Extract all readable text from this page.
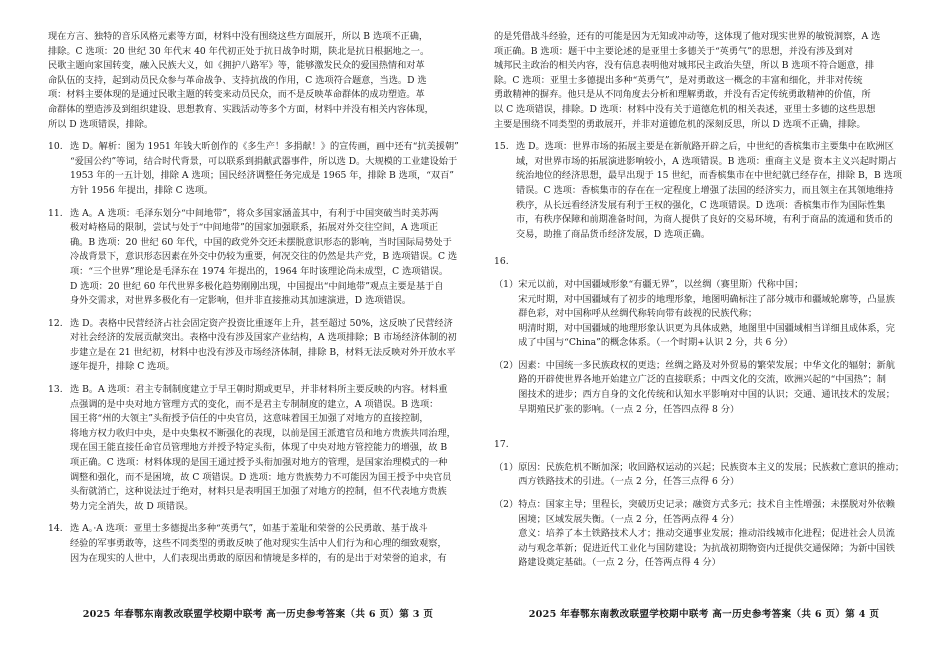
现在方言、独特的音乐风格元素等方面，材料中没有围绕这些方面展开，所以 B 选项不正确，

排除。C 选项：20 世纪 30 年代末 40 年代初正处于抗日战争时期，陕北是抗日根据地之一。

民歌主题向家国转变，融入民族大义，如《拥护八路军》等，能够激发民众的爱国热情和对革

命队伍的支持，起到动员民众参与革命战争、支持抗战的作用，C 选项符合题意，当选。D 选

项：材料主要体现的是通过民歌主题的转变来动员民众，而不是反映革命群体的成功塑造。革

命群体的塑造涉及到组织建设、思想教育、实践活动等多个方面，材料中并没有相关内容体现，

所以 D 选项错误，排除。

10. 选 D。解析：图为 1951 年钱大昕创作的《多生产！多捐献！》的宣传画，画中还有“抗美援朝”

“爱国公约”等词，结合时代背景，可以联系到捐献武器事件，所以选 D。大规模的工业建设始于

1953 年的一五计划，排除 A 选项；国民经济调整任务完成是 1965 年，排除 B 选项，“双百”

方针 1956 年提出，排除 C 选项。

11. 选 A。A 选项：毛泽东划分“中间地带”，将众多国家涵盖其中，有利于中国突破当时美苏两

极对峙格局的限制，尝试与处于“中间地带”的国家加强联系，拓展对外交往空间，A 选项正

确。B 选项：20 世纪 60 年代，中国的政党外交还未摆脱意识形态的影响，当时国际局势处于

冷战背景下，意识形态因素在外交中仍较为重要，何况交往的仍然是共产党，B 选项错误。C 选

项：“三个世界”理论是毛泽东在 1974 年提出的，1964 年时该理论尚未成型，C 选项错误。

D 选项：20 世纪 60 年代世界多极化趋势刚刚出现，中国提出“中间地带”观点主要是基于自

身外交需求，对世界多极化有一定影响，但并非直接推动其加速演进，D 选项错误。

12. 选 D。表格中民营经济占社会固定资产投资比重逐年上升，甚至超过 50%，这反映了民营经济

对社会经济的发展贡献突出。表格中没有涉及国家产业结构，A 选项排除；B 市场经济体制的初

步建立是在 21 世纪初，材料中也没有涉及市场经济体制，排除 B，材料无法反映对外开放水平

逐年提升，排除 C 选项。

13. 选 B。A 选项：君主专制制度建立于早王朝时期或更早，并非材料所主要反映的内容。材料重

点强调的是中央对地方管理方式的变化，而不是君主专制制度的建立，A 项错误。B 选项：

国王将“州的大领主”头衔授予信任的中央官员，这意味着国王加强了对地方的直接控制，

将地方权力收归中央，是中央集权不断强化的表现，以前是国王派遣官员和地方贵族共同治理，

现在国王能直接任命官员管理地方并授予特定头衔，体现了中央对地方管控能力的增强，故 B

项正确。C 选项：材料体现的是国王通过授予头衔加强对地方的管理，是国家治理模式的一种

调整和强化，而不是困境，故 C 项错误。D 选项：地方贵族势力不可能因为国王授予中央官员

头衔就消亡，这种说法过于绝对，材料只是表明国王加强了对地方的控制，但不代表地方贵族

势力完全消失，故 D 项错误。

14. 选 A。·A 选项：亚里士多德提出多种“英勇气”，如基于羞耻和荣誉的公民勇敢、基于战斗

经验的军事勇敢等，这些不同类型的勇敢反映了他对现实生活中人们行为和心理的细致观察，

因为在现实的人世中，人们表现出勇敢的原因和情境是多样的，有的是出于对荣誉的追求，有

2025 年春鄂东南教改联盟学校期中联考 高一历史参考答案（共 6 页）第 3 页

的是凭借战斗经验，还有的可能是因为无知或冲动等，这体现了他对现实世界的敏锐洞察，A 选

项正确。B 选项：题干中主要论述的是亚里士多德关于“英勇气”的思想，并没有涉及到对

城邦民主政治的相关内容，没有信息表明他对城邦民主政治失望，所以 B 选项不符合题意，排

除。C 选项：亚里士多德提出多种“英勇气”，是对勇敢这一概念的丰富和细化，并非对传统

勇敢精神的摒弃。他只是从不同角度去分析和理解勇敢，并没有否定传统勇敢精神的价值，所

以 C 选项错误，排除。D 选项：材料中没有关于道德危机的相关表述，亚里士多德的这些思想

主要是围绕不同类型的勇敢展开，并非对道德危机的深刻反思，所以 D 选项不正确，排除。

15. 选 D。选项：世界市场的拓展主要是在新航路开辟之后，中世纪的香槟集市主要集中在欧洲区

域，对世界市场的拓展演进影响较小，A 选项错误。B 选项：重商主义是 资本主义兴起时期占

统治地位的经济思想，最早出现于 15 世纪，而香槟集市在中世纪就已经存在，排除 B，B 选项

错误。C 选项：香槟集市的存在在一定程度上增强了法国的经济实力，而且领主在其领地维持

秩序，从长远看经济发展有利于王权的强化，C 选项错误。D 选项：香槟集市作为国际性集

市，有秩序保障和前期准备时间，为商人提供了良好的交易环境，有利于商品的流通和货币的

交易，助推了商品货币经济发展，D 选项正确。

16.

（1） 宋元以前，对中国疆域形象“有疆无界”，以丝绸（赛里斯）代称中国；

宋元时期，对中国疆域有了初步的地理形象，地图明确标注了部分城市和疆域轮廓等，凸显族

群色彩，对中国称呼从丝绸代称转向带有歧视的民族代称；

明清时期，对中国疆域的地理形象认识更为具体成熟，地图里中国疆域相当详细且成体系，完

成了中国与“China”的概念体系。（一个时期+认识 2 分，共 6 分）

（2） 因素：中国统一多民族政权的更迭；丝绸之路及对外贸易的繁荣发展；中华文化的辐射；新航

路的开辟使世界各地开始建立广泛的直接联系；中西文化的交流，欧洲兴起的“中国热”；制

图技术的进步；西方自身的文化传统和认知水平影响对中国的认识；交通、通讯技术的发展；

早期殖民扩张的影响。（一点 2 分，任答四点得 8 分）

17.

（1） 原因：民族危机不断加深；收回路权运动的兴起；民族资本主义的发展；民族救亡意识的推动；

西方铁路技术的引进。（一点 2 分，任答三点得 6 分）

（2） 特点：国家主导；里程长，突破历史记录；融资方式多元；技术自主性增强；未摆脱对外依赖

困境；区域发展失衡。（一点 2 分，任答两点得 4 分）

意义：培养了本土铁路技术人才；推动交通事业发展；推动沿线城市化进程；促进社会人员流

动与观念革新；促进近代工业化与国防建设；为抗战初期物资内迁提供交通保障；为新中国铁

路建设奠定基础。（一点 2 分，任答两点得 4 分）

2025 年春鄂东南教改联盟学校期中联考 高一历史参考答案（共 6 页）第 4 页
